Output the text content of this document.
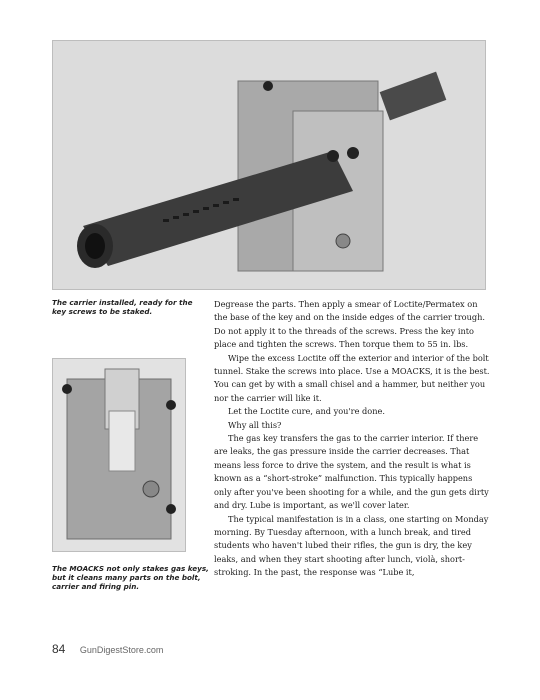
The carrier installed, ready for the key screws to be staked.
The MOACKS not only stakes gas keys, but it cleans many parts on the bolt, carrier and firing pin.

Degrease the parts. Then apply a smear of Loctite/Permatex on the base of the key and on the inside edges of the carrier trough. Do not apply it to the threads of the screws. Press the key into place and tighten the screws. Then torque them to 55 in. lbs.

Wipe the excess Loctite off the exterior and interior of the bolt tunnel. Stake the screws into place. Use a MOACKS, it is the best. You can get by with a small chisel and a hammer, but neither you nor the carrier will like it.

Let the Loctite cure, and you're done.

Why all this?

The gas key transfers the gas to the carrier interior. If there are leaks, the gas pressure inside the carrier decreases. That means less force to drive the system, and the result is what is known as a “short-stroke” malfunction. This typically happens only after you've been shooting for a while, and the gun gets dirty and dry. Lube is important, as we'll cover later.

The typical manifestation is in a class, one starting on Monday morning. By Tuesday afternoon, with a lunch break, and tired students who haven't lubed their rifles, the gun is dry, the key leaks, and when they start shooting after lunch, violà, short-stroking. In the past, the response was “Lube it,

84 GunDigestStore.com
